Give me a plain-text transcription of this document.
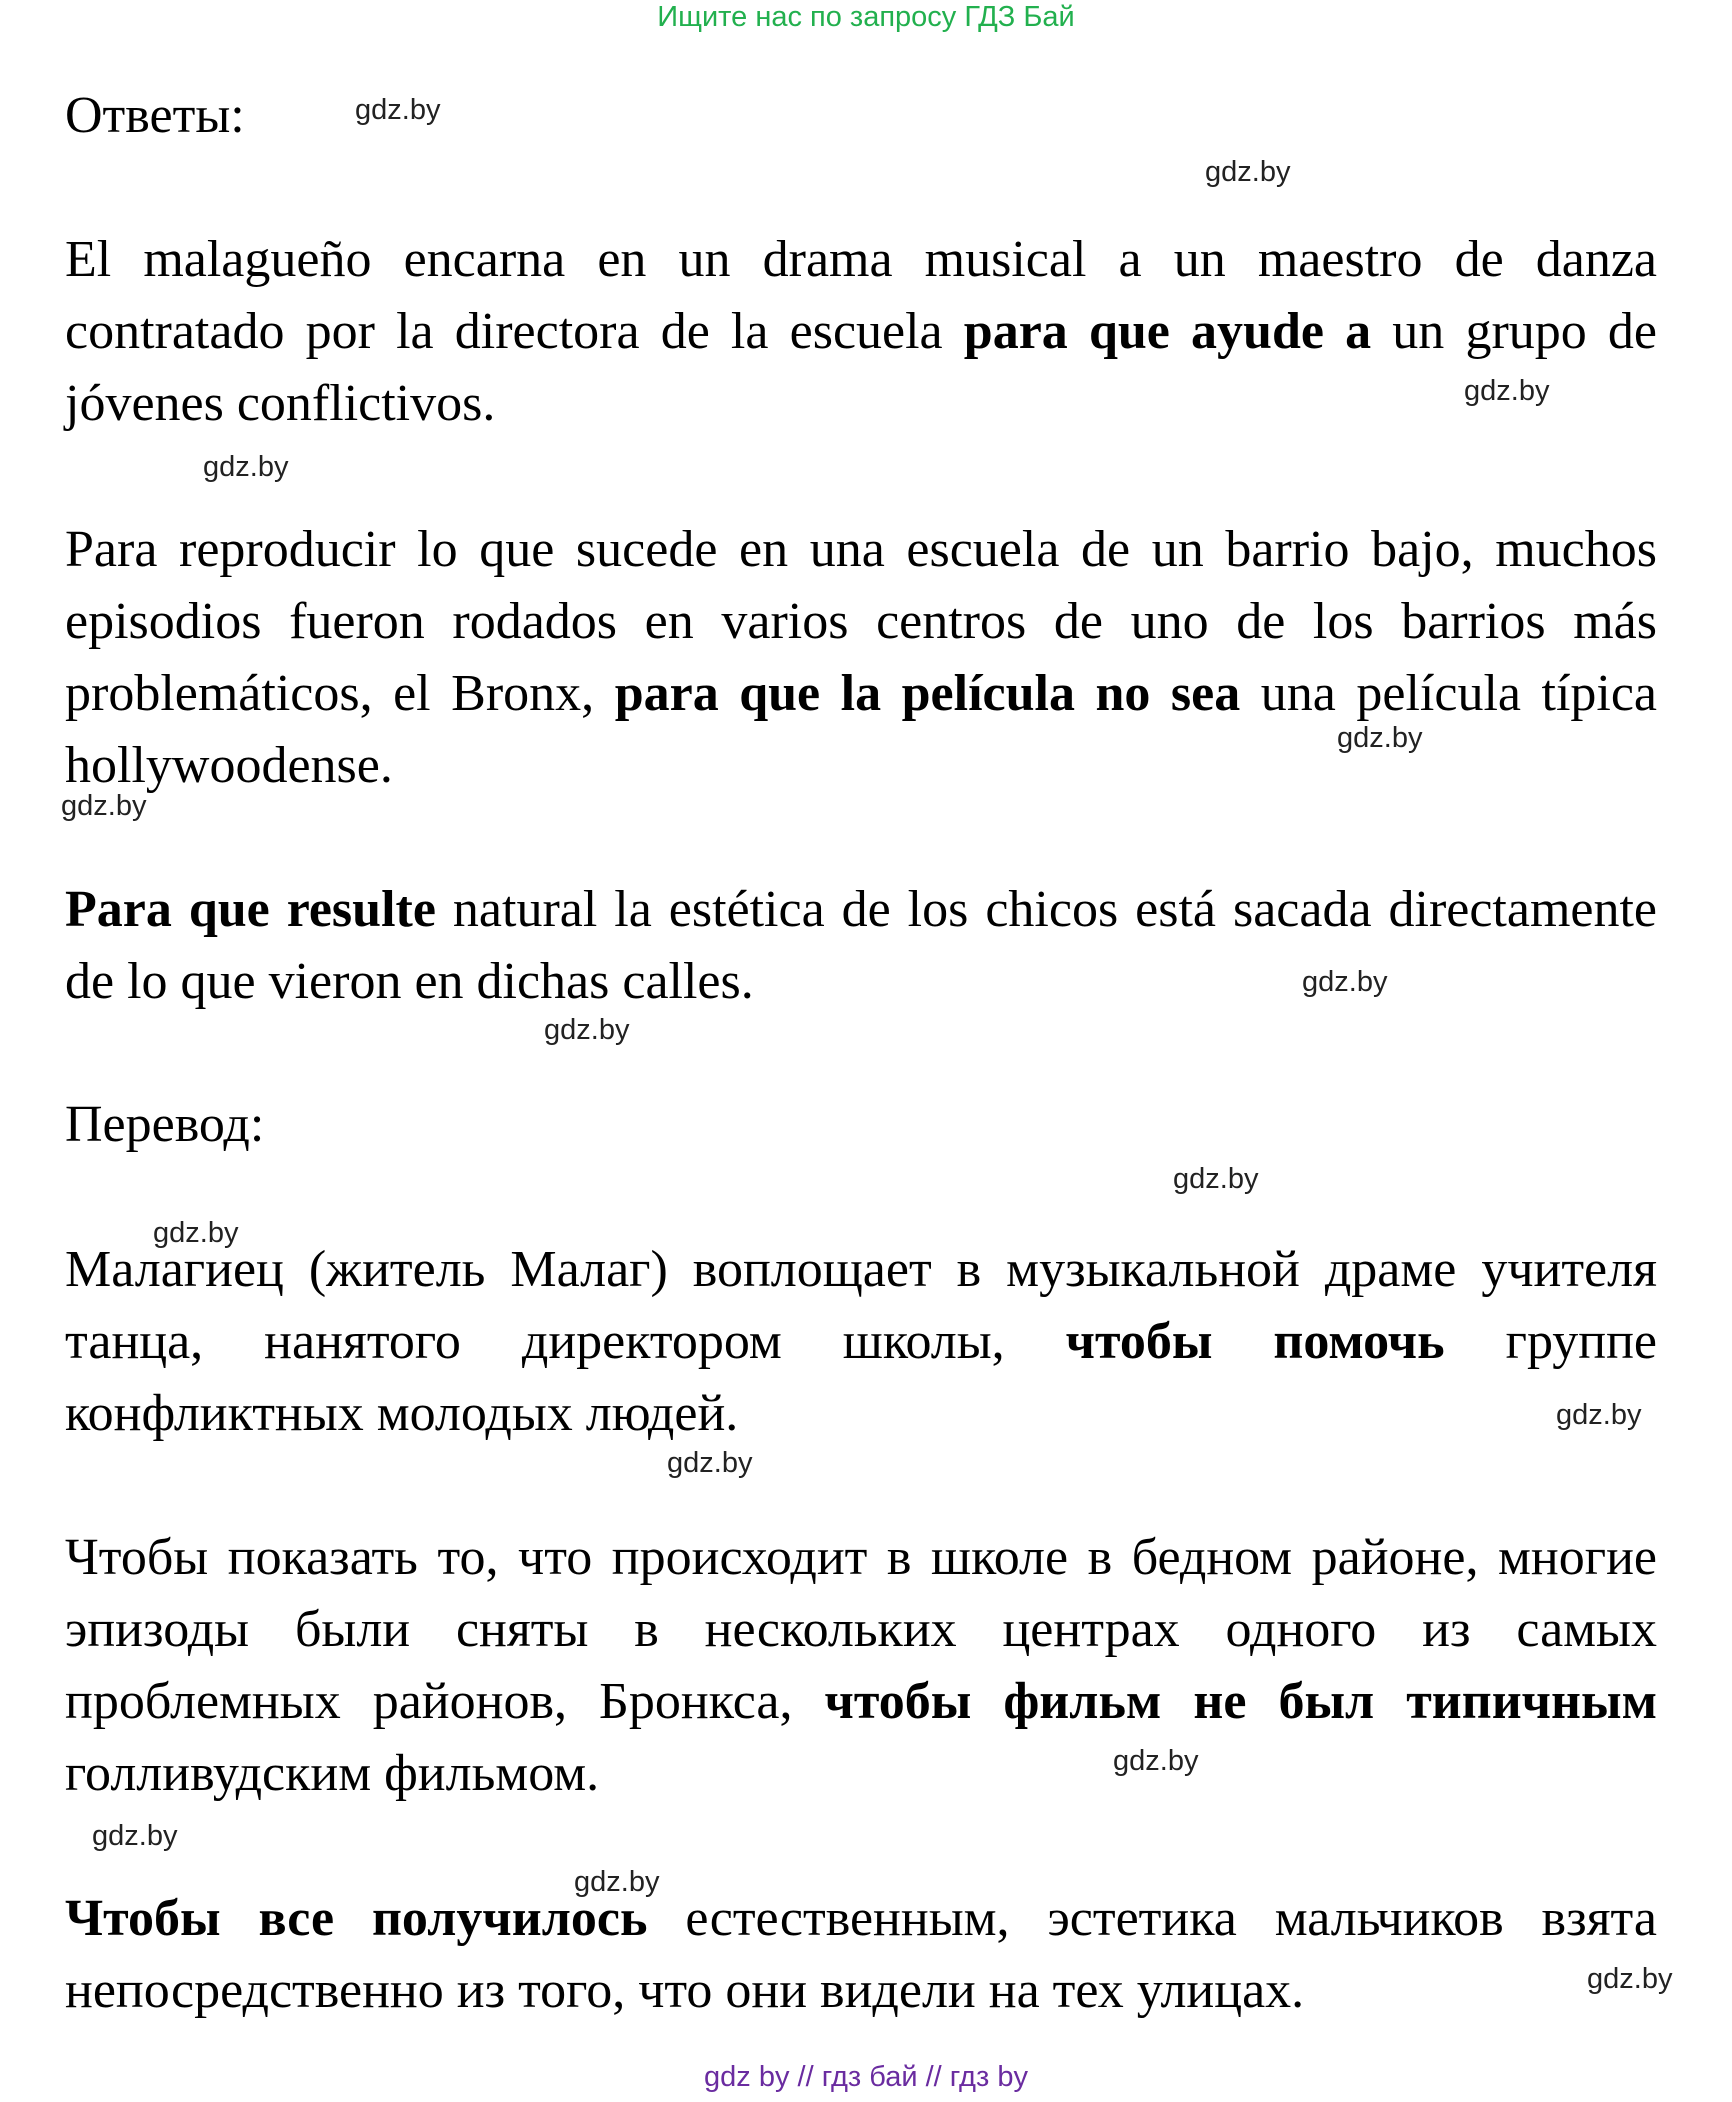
Ищите нас по запросу ГДЗ Бай
Ответы:

El malagueño encarna en un drama musical a un maestro de danza contratado por la directora de la escuela para que ayude a un grupo de jóvenes conflictivos.

Para reproducir lo que sucede en una escuela de un barrio bajo, muchos episodios fueron rodados en varios centros de uno de los barrios más problemáticos, el Bronx, para que la película no sea una película típica hollywoodense.

Para que resulte natural la estética de los chicos está sacada directamente de lo que vieron en dichas calles.

Перевод:

Малагиец (житель Малаг) воплощает в музыкальной драме учителя танца, нанятого директором школы, чтобы помочь группе конфликтных молодых людей.

Чтобы показать то, что происходит в школе в бедном районе, многие эпизоды были сняты в нескольких центрах одного из самых проблемных районов, Бронкса, чтобы фильм не был типичным голливудским фильмом.

Чтобы все получилось естественным, эстетика мальчиков взята непосредственно из того, что они видели на тех улицах.

gdz.by
gdz.by
gdz.by
gdz.by
gdz.by
gdz.by
gdz.by
gdz.by
gdz.by
gdz.by
gdz.by
gdz.by
gdz.by
gdz.by
gdz.by
gdz.by
gdz by // гдз бай // гдз by
